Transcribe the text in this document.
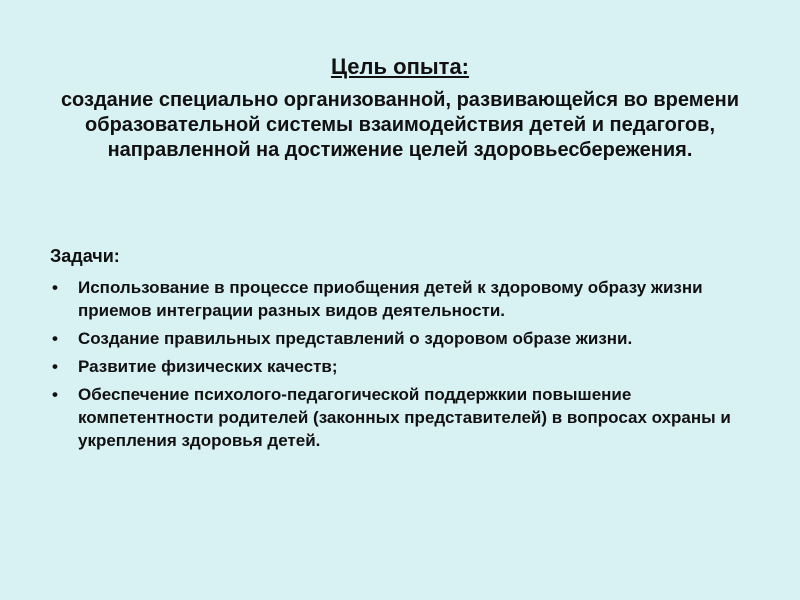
Цель опыта:
создание специально организованной, развивающейся во времени образовательной системы взаимодействия детей и педагогов, направленной на достижение целей здоровьесбережения.
Задачи:
• Использование в процессе приобщения детей к здоровому образу жизни приемов интеграции разных видов деятельности.
• Создание правильных представлений о здоровом образе жизни.
• Развитие физических качеств;
• Обеспечение психолого-педагогической поддержкии повышение компетентности родителей (законных представителей) в вопросах охраны и укрепления здоровья детей.
